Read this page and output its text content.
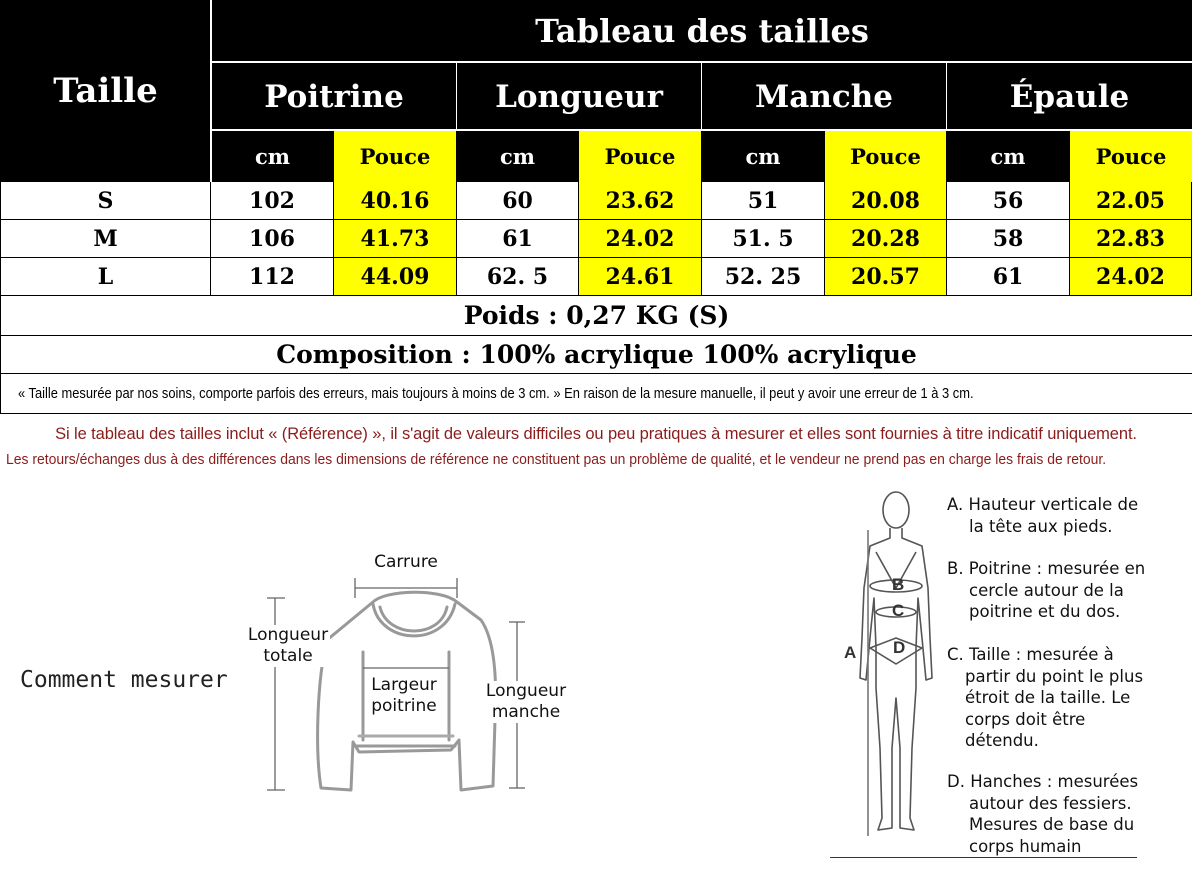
Taille
Tableau des tailles
Poitrine	Longueur	Manche	Épaule
cm	Pouce	cm	Pouce	cm	Pouce	cm	Pouce
S	102	40.16	60	23.62	51	20.08	56	22.05
M	106	41.73	61	24.02	51. 5	20.28	58	22.83
L	112	44.09	62. 5	24.61	52. 25	20.57	61	24.02
Poids : 0,27 KG (S)
Composition : 100% acrylique 100% acrylique
« Taille mesurée par nos soins, comporte parfois des erreurs, mais toujours à moins de 3 cm. » En raison de la mesure manuelle, il peut y avoir une erreur de 1 à 3 cm.
Si le tableau des tailles inclut « (Référence) », il s'agit de valeurs difficiles ou peu pratiques à mesurer et elles sont fournies à titre indicatif uniquement.
Les retours/échanges dus à des différences dans les dimensions de référence ne constituent pas un problème de qualité, et le vendeur ne prend pas en charge les frais de retour.
Comment mesurer
Carrure
Longueur
totale
Largeur
poitrine
Longueur
manche
A
B
C
D
A. Hauteur verticale de
la tête aux pieds.
B. Poitrine : mesurée en
cercle autour de la
poitrine et du dos.
C. Taille : mesurée à
partir du point le plus
étroit de la taille. Le
corps doit être
détendu.
D. Hanches : mesurées
autour des fessiers.
Mesures de base du
corps humain
